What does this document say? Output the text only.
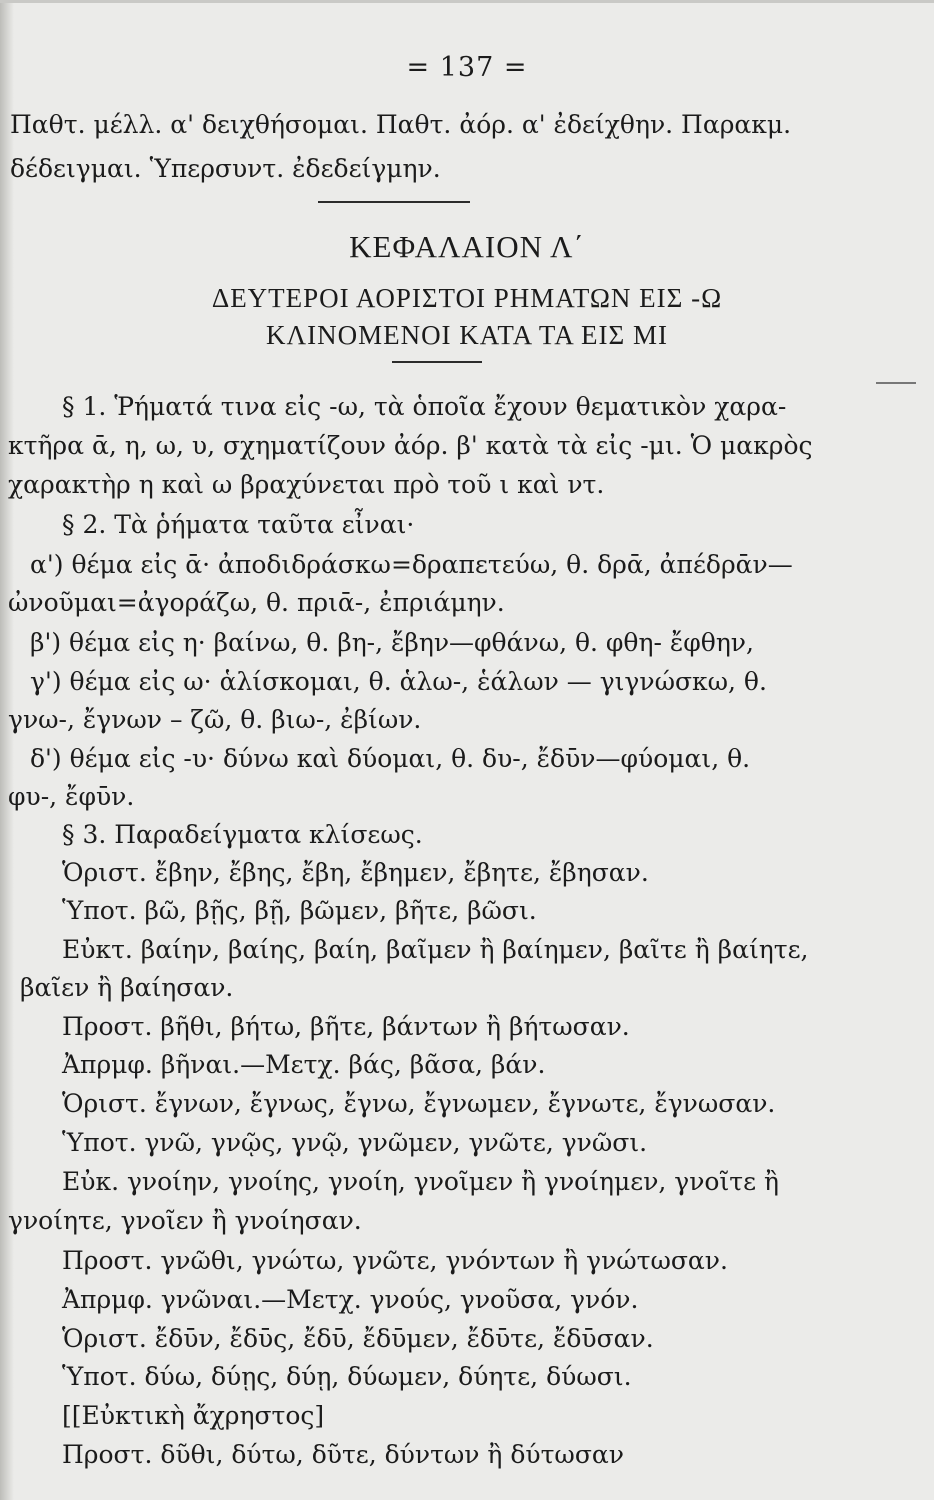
= 137 =
Παθτ. μέλλ. α' δειχθήσομαι. Παθτ. ἀόρ. α' ἐδείχθην. Παρακμ.
δέδειγμαι. Ὑπερσυντ. ἐδεδείγμην.
ΚΕΦΑΛΑΙΟΝ Λ΄
ΔΕΥΤΕΡΟΙ ΑΟΡΙΣΤΟΙ ΡΗΜΑΤΩΝ ΕΙΣ -Ω
ΚΛΙΝΟΜΕΝΟΙ ΚΑΤΑ ΤΑ ΕΙΣ ΜΙ
§ 1. Ῥήματά τινα εἰς -ω, τὰ ὁποῖα ἔχουν θεματικὸν χαρα-
κτῆρα ᾱ, η, ω, υ, σχηματίζουν ἀόρ. β' κατὰ τὰ εἰς -μι. Ὁ μακρὸς
χαρακτὴρ η καὶ ω βραχύνεται πρὸ τοῦ ι καὶ ντ.
§ 2. Τὰ ῥήματα ταῦτα εἶναι·
α') θέμα εἰς ᾱ· ἀποδιδράσκω=δραπετεύω, θ. δρᾱ, ἀπέδρᾱν—
ὠνοῦμαι=ἀγοράζω, θ. πριᾱ-, ἐπριάμην.
β') θέμα εἰς η· βαίνω, θ. βη-, ἔβην—φθάνω, θ. φθη- ἔφθην,
γ') θέμα εἰς ω· ἁλίσκομαι, θ. ἁλω-, ἑάλων — γιγνώσκω, θ.
γνω-, ἔγνων – ζῶ, θ. βιω-, ἐβίων.
δ') θέμα εἰς -υ· δύνω καὶ δύομαι, θ. δυ-, ἔδῡν—φύομαι, θ.
φυ-, ἔφῡν.
§ 3. Παραδείγματα κλίσεως.
Ὁριστ. ἔβην, ἔβης, ἔβη, ἔβημεν, ἔβητε, ἔβησαν.
Ὑποτ. βῶ, βῇς, βῇ, βῶμεν, βῆτε, βῶσι.
Εὐκτ. βαίην, βαίης, βαίη, βαῖμεν ἢ βαίημεν, βαῖτε ἢ βαίητε,
βαῖεν ἢ βαίησαν.
Προστ. βῆθι, βήτω, βῆτε, βάντων ἢ βήτωσαν.
Ἀπρμφ. βῆναι.—Μετχ. βάς, βᾶσα, βάν.
Ὁριστ. ἔγνων, ἔγνως, ἔγνω, ἔγνωμεν, ἔγνωτε, ἔγνωσαν.
Ὑποτ. γνῶ, γνῷς, γνῷ, γνῶμεν, γνῶτε, γνῶσι.
Εὐκ. γνοίην, γνοίης, γνοίη, γνοῖμεν ἢ γνοίημεν, γνοῖτε ἢ
γνοίητε, γνοῖεν ἢ γνοίησαν.
Προστ. γνῶθι, γνώτω, γνῶτε, γνόντων ἢ γνώτωσαν.
Ἀπρμφ. γνῶναι.—Μετχ. γνούς, γνοῦσα, γνόν.
Ὁριστ. ἔδῡν, ἔδῡς, ἔδῡ, ἔδῡμεν, ἔδῡτε, ἔδῡσαν.
Ὑποτ. δύω, δύῃς, δύῃ, δύωμεν, δύητε, δύωσι.
[[Εὐκτικὴ ἄχρηστος]
Προστ. δῦθι, δύτω, δῦτε, δύντων ἢ δύτωσαν
